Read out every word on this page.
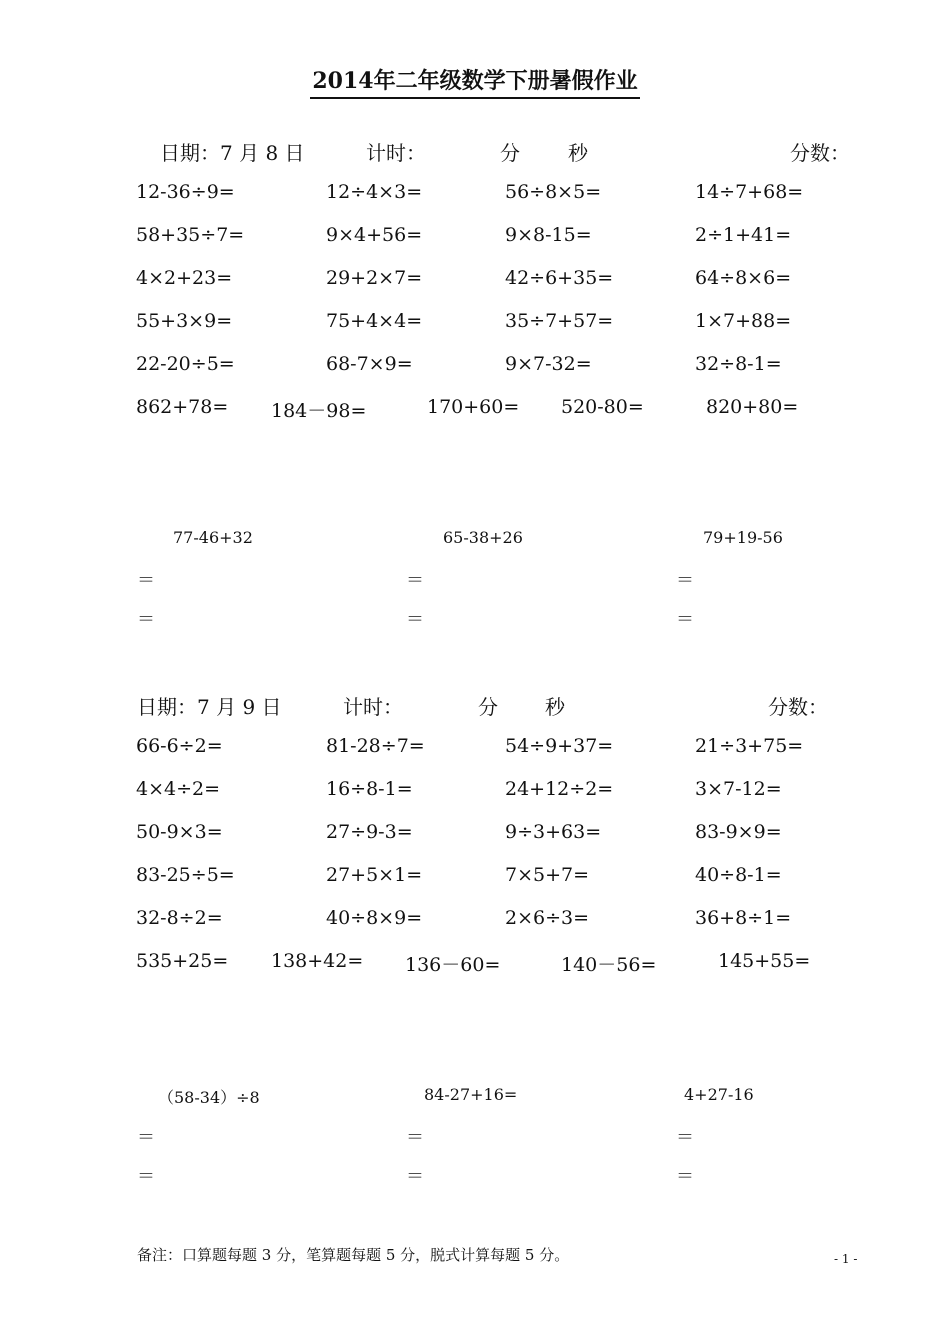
2014年二年级数学下册暑假作业
日期：7 月 8 日	计时：	分 秒	分数：
12-36÷9=	12÷4×3=	56÷8×5=	14÷7+68=
58+35÷7=	9×4+56=	9×8-15=	2÷1+41=
4×2+23=	29+2×7=	42÷6+35=	64÷8×6=
55+3×9=	75+4×4=	35÷7+57=	1×7+88=
22-20÷5=	68-7×9=	9×7-32=	32÷8-1=
862+78= 184－98=	170+60= 520-80=	820+80=
77-46+32	65-38+26	79+19-56
＝	＝	＝
＝	＝	＝
日期：7 月 9 日	计时：	分 秒	分数：
66-6÷2=	81-28÷7=	54÷9+37=	21÷3+75=
4×4÷2=	16÷8-1=	24+12÷2=	3×7-12=
50-9×3=	27÷9-3=	9÷3+63=	83-9×9=
83-25÷5=	27+5×1=	7×5+7=	40÷8-1=
32-8÷2=	40÷8×9=	2×6÷3=	36+8÷1=
535+25= 138+42= 136－60=	140－56=	145+55=
（58-34）÷8	84-27+16=	4+27-16
＝	＝	＝
＝	＝	＝
备注：口算题每题 3 分，笔算题每题 5 分，脱式计算每题 5 分。	- 1 -
